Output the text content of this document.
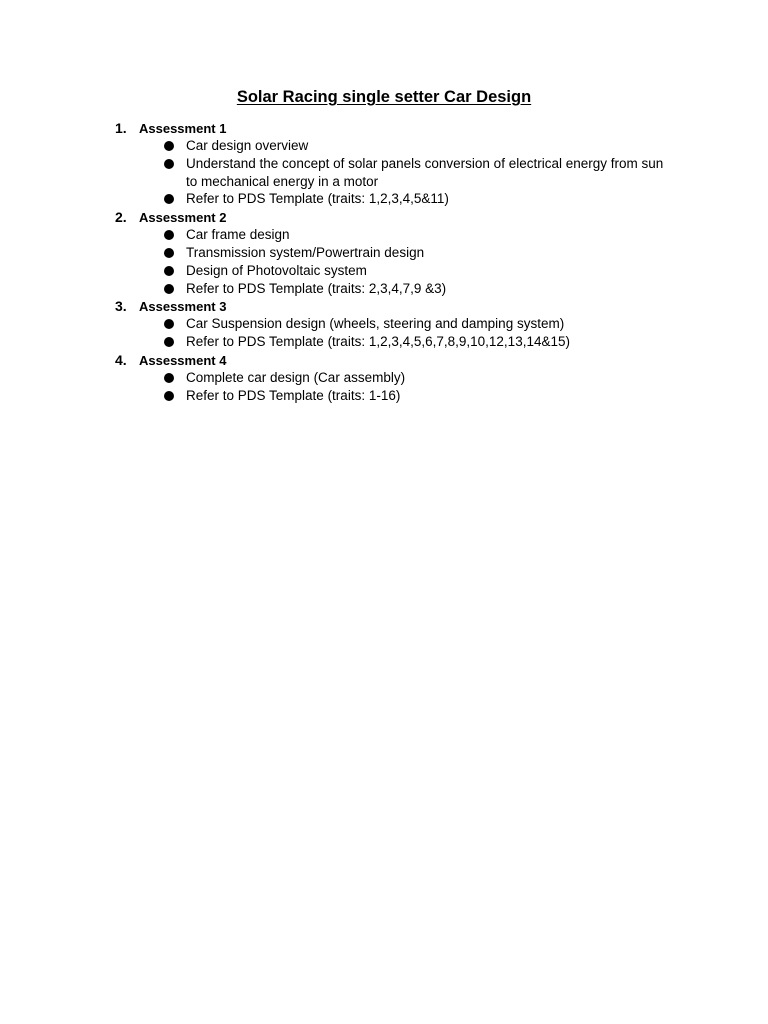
Solar Racing single setter Car Design
1. Assessment 1
Car design overview
Understand the concept of solar panels conversion of electrical energy from sun to mechanical energy in a motor
Refer to PDS Template (traits: 1,2,3,4,5&11)
2. Assessment 2
Car frame design
Transmission system/Powertrain design
Design of Photovoltaic system
Refer to PDS Template (traits: 2,3,4,7,9 &3)
3. Assessment 3
Car Suspension design (wheels, steering and damping system)
Refer to PDS Template (traits: 1,2,3,4,5,6,7,8,9,10,12,13,14&15)
4. Assessment 4
Complete car design (Car assembly)
Refer to PDS Template (traits: 1-16)
